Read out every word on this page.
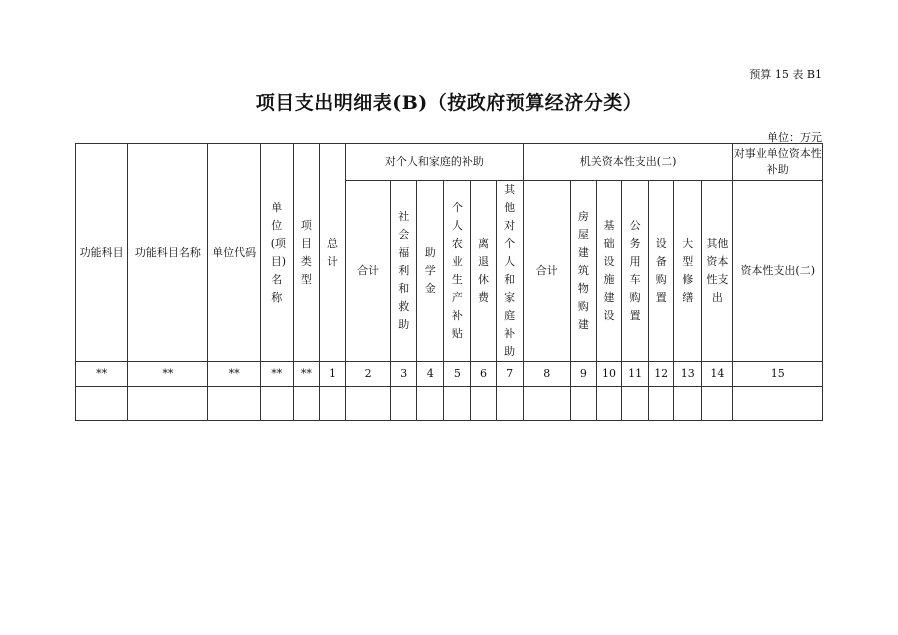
预算 15 表 B1
项目支出明细表(B)（按政府预算经济分类）
单位：万元
功能科目	功能科目名称	单位代码	单位(项目)名称	项目类型	总计	对个人和家庭的补助						机关资本性支出(二)							对事业单位资本性补助
						合计	社会福利和救助	助学金	个人农业生产补贴	离退休费	其他对个人和家庭补助	合计	房屋建筑物购建	基础设施建设	公务用车购置	设备购置	大型修缮	其他资本性支出	资本性支出(二)
**	**	**	**	**	1	2	3	4	5	6	7	8	9	10	11	12	13	14	15
